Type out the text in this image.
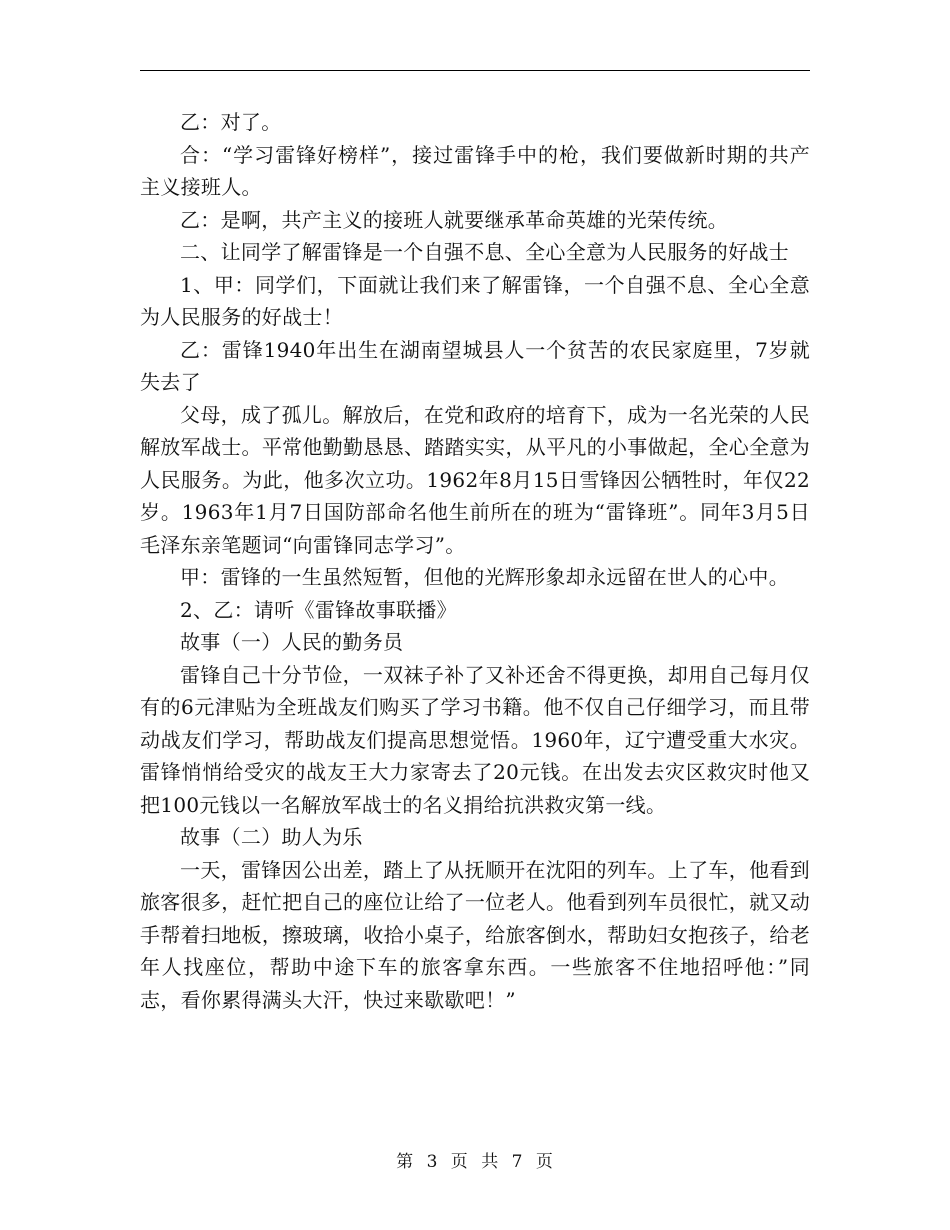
乙：对了。

合：“学习雷锋好榜样”，接过雷锋手中的枪，我们要做新时期的共产主义接班人。

乙：是啊，共产主义的接班人就要继承革命英雄的光荣传统。

二、让同学了解雷锋是一个自强不息、全心全意为人民服务的好战士

1、甲：同学们，下面就让我们来了解雷锋，一个自强不息、全心全意为人民服务的好战士！

乙：雷锋1940年出生在湖南望城县人一个贫苦的农民家庭里，7岁就失去了

父母，成了孤儿。解放后，在党和政府的培育下，成为一名光荣的人民解放军战士。平常他勤勤恳恳、踏踏实实，从平凡的小事做起，全心全意为人民服务。为此，他多次立功。1962年8月15日雪锋因公牺牲时，年仅22岁。1963年1月7日国防部命名他生前所在的班为“雷锋班”。同年3月5日毛泽东亲笔题词“向雷锋同志学习”。

甲：雷锋的一生虽然短暂，但他的光辉形象却永远留在世人的心中。

2、乙：请听《雷锋故事联播》

故事（一）人民的勤务员

雷锋自己十分节俭，一双袜子补了又补还舍不得更换，却用自己每月仅有的6元津贴为全班战友们购买了学习书籍。他不仅自己仔细学习，而且带动战友们学习，帮助战友们提高思想觉悟。1960年，辽宁遭受重大水灾。雷锋悄悄给受灾的战友王大力家寄去了20元钱。在出发去灾区救灾时他又把100元钱以一名解放军战士的名义捐给抗洪救灾第一线。

故事（二）助人为乐

一天，雷锋因公出差，踏上了从抚顺开在沈阳的列车。上了车，他看到旅客很多，赶忙把自己的座位让给了一位老人。他看到列车员很忙，就又动手帮着扫地板，擦玻璃，收拾小桌子，给旅客倒水，帮助妇女抱孩子，给老年人找座位，帮助中途下车的旅客拿东西。一些旅客不住地招呼他：”同志，看你累得满头大汗，快过来歇歇吧！”

第 3 页 共 7 页
